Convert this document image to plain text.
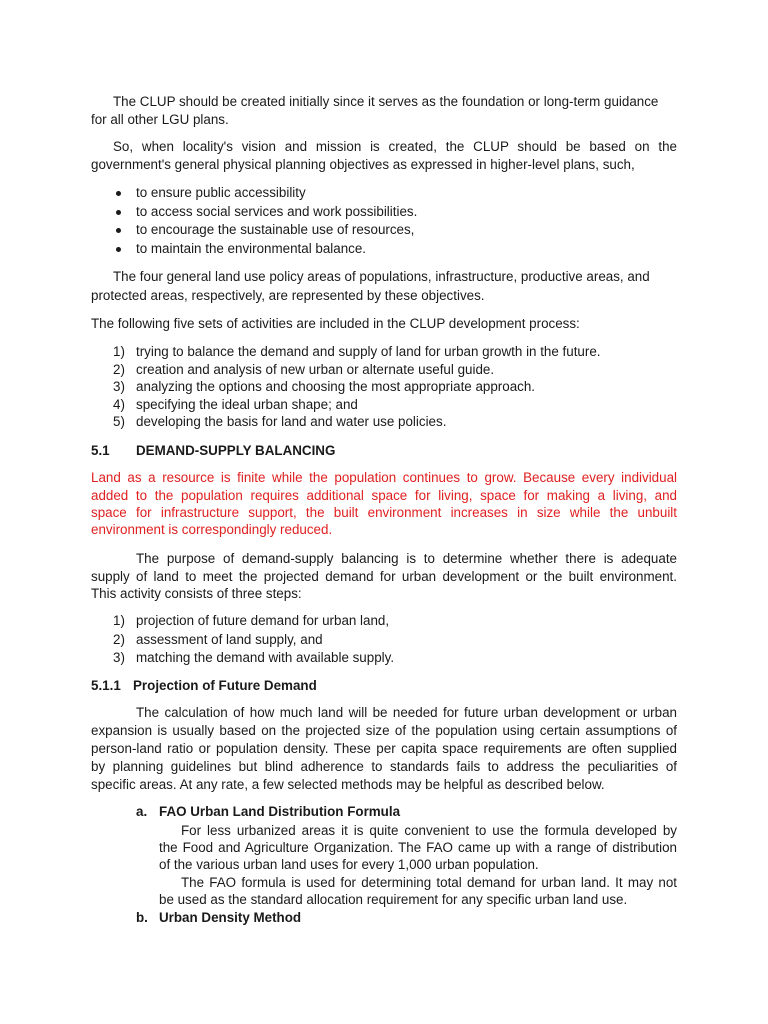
The CLUP should be created initially since it serves as the foundation or long-term guidance
for all other LGU plans.
So, when locality's vision and mission is created, the CLUP should be based on the
government's general physical planning objectives as expressed in higher-level plans, such,
to ensure public accessibility
to access social services and work possibilities.
to encourage the sustainable use of resources,
to maintain the environmental balance.
The four general land use policy areas of populations, infrastructure, productive areas, and
protected areas, respectively, are represented by these objectives.
The following five sets of activities are included in the CLUP development process:
1) trying to balance the demand and supply of land for urban growth in the future.
2) creation and analysis of new urban or alternate useful guide.
3) analyzing the options and choosing the most appropriate approach.
4) specifying the ideal urban shape; and
5) developing the basis for land and water use policies.
5.1 DEMAND-SUPPLY BALANCING
Land as a resource is finite while the population continues to grow. Because every individual
added to the population requires additional space for living, space for making a living, and
space for infrastructure support, the built environment increases in size while the unbuilt
environment is correspondingly reduced.
The purpose of demand-supply balancing is to determine whether there is adequate
supply of land to meet the projected demand for urban development or the built environment.
This activity consists of three steps:
1) projection of future demand for urban land,
2) assessment of land supply, and
3) matching the demand with available supply.
5.1.1 Projection of Future Demand
The calculation of how much land will be needed for future urban development or urban
expansion is usually based on the projected size of the population using certain assumptions of
person-land ratio or population density. These per capita space requirements are often supplied
by planning guidelines but blind adherence to standards fails to address the peculiarities of
specific areas. At any rate, a few selected methods may be helpful as described below.
a. FAO Urban Land Distribution Formula
For less urbanized areas it is quite convenient to use the formula developed by
the Food and Agriculture Organization. The FAO came up with a range of distribution
of the various urban land uses for every 1,000 urban population.
The FAO formula is used for determining total demand for urban land. It may not
be used as the standard allocation requirement for any specific urban land use.
b. Urban Density Method
